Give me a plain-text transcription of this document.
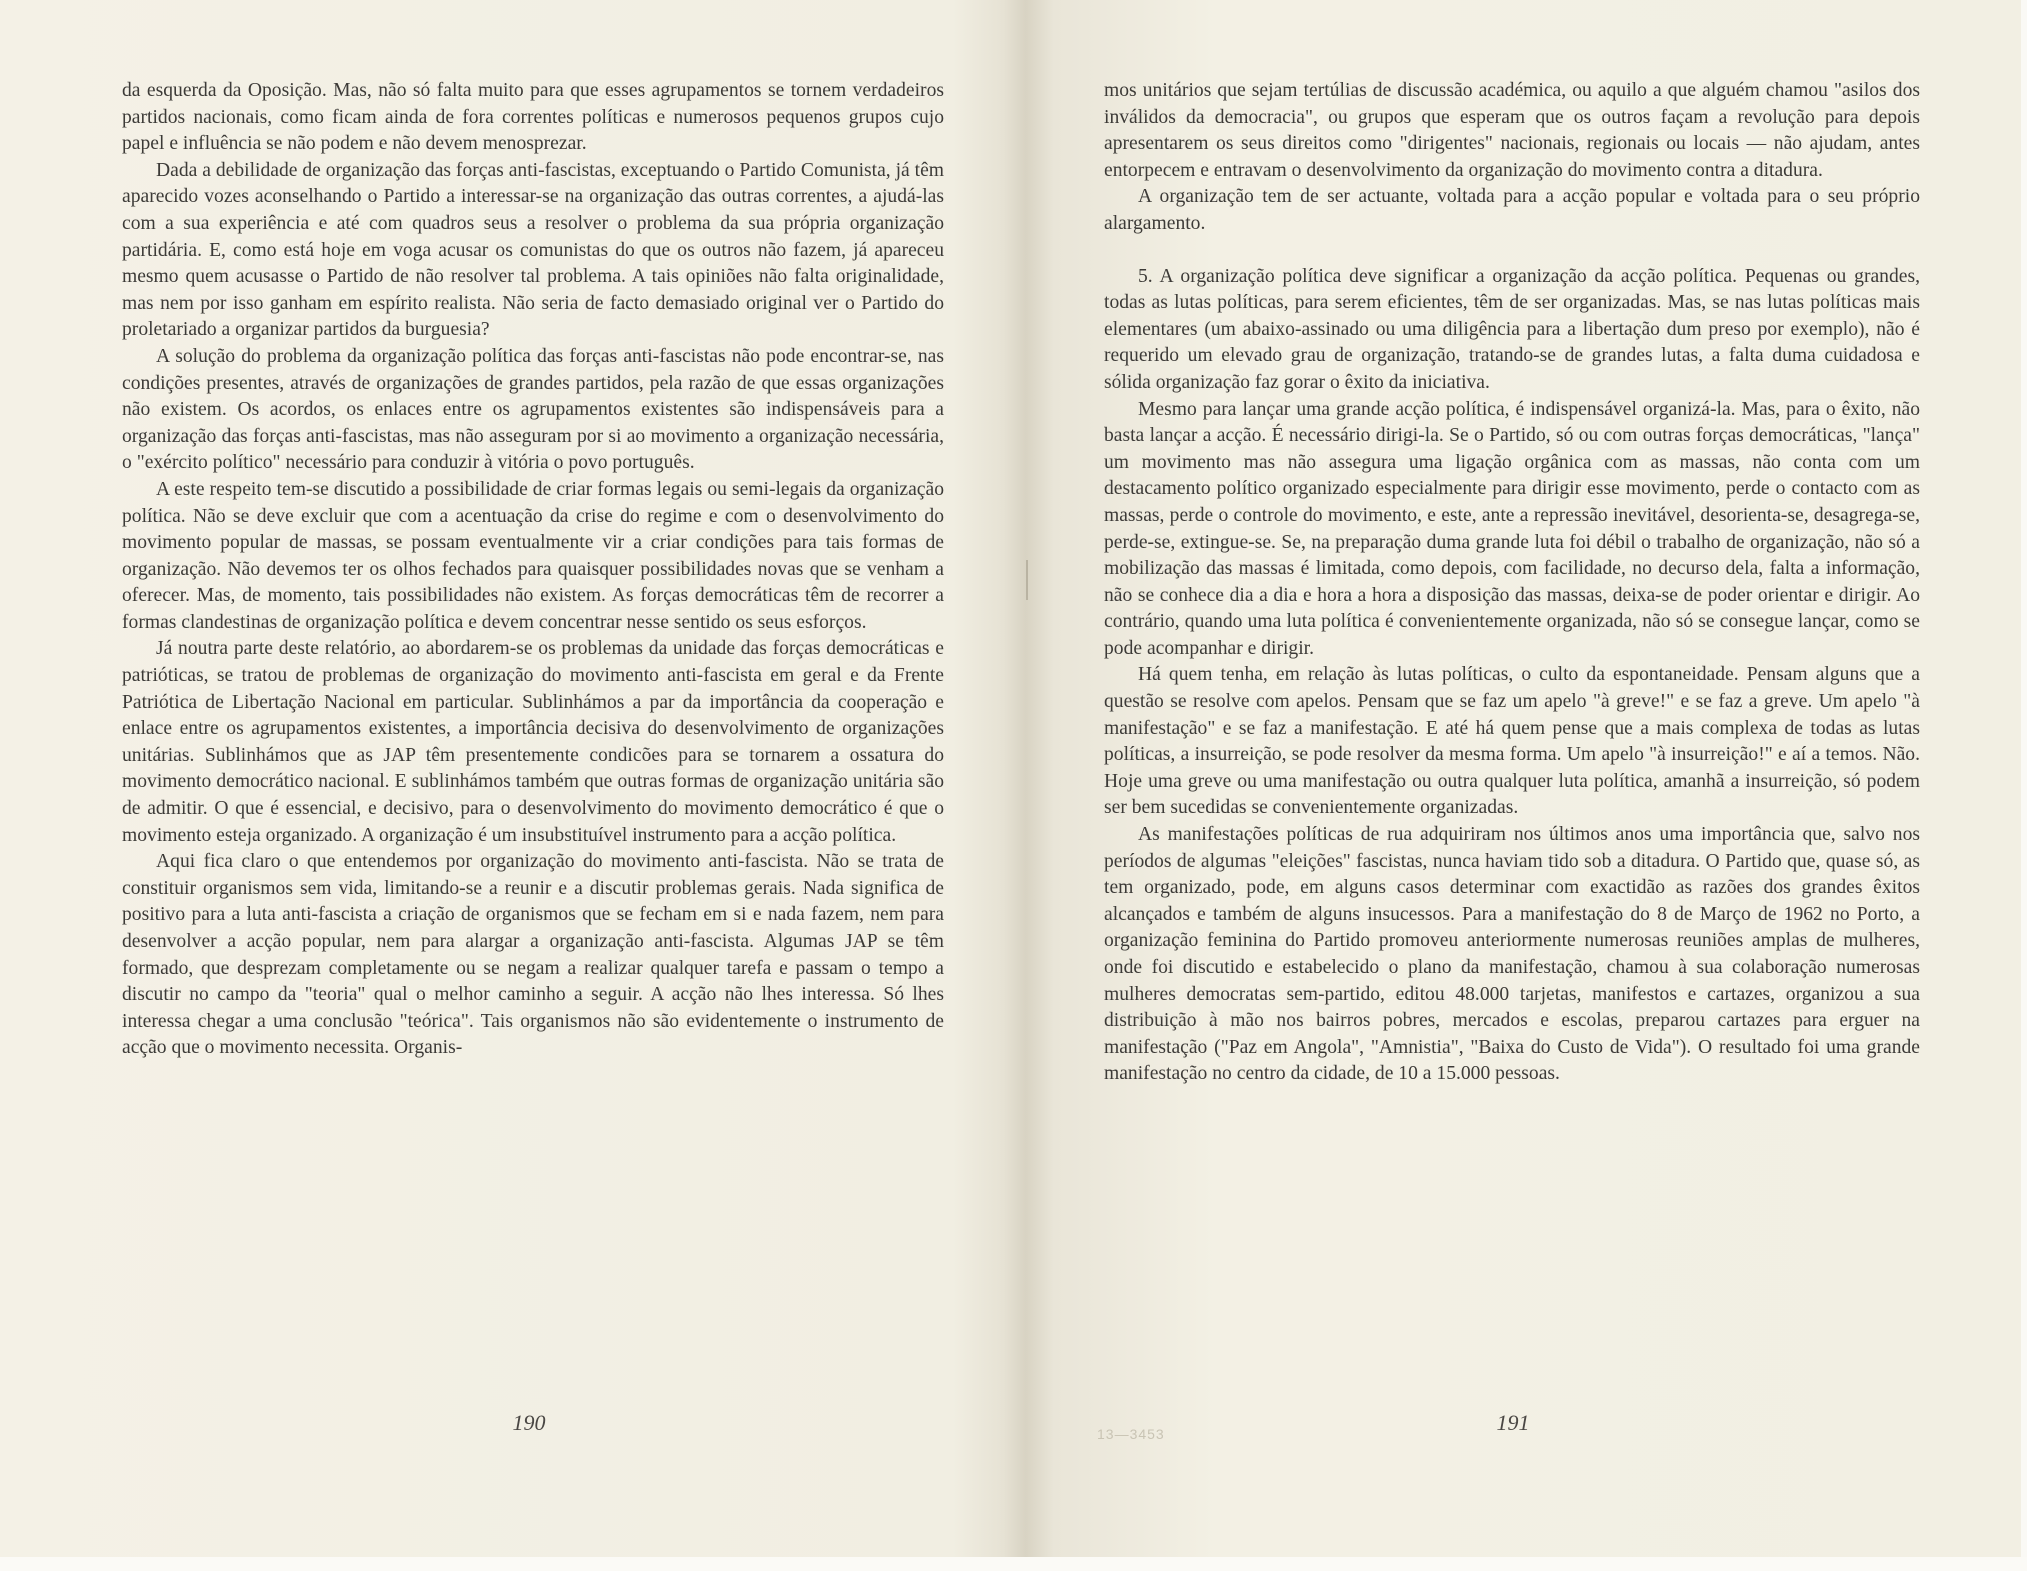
da esquerda da Oposição. Mas, não só falta muito para que esses agrupamentos se tornem verdadeiros partidos nacionais, como ficam ainda de fora correntes políticas e numerosos pequenos grupos cujo papel e influência se não podem e não devem menosprezar.

Dada a debilidade de organização das forças anti-fascistas, exceptuando o Partido Comunista, já têm aparecido vozes aconselhando o Partido a interessar-se na organização das outras correntes, a ajudá-las com a sua experiência e até com quadros seus a resolver o problema da sua própria organização partidária. E, como está hoje em voga acusar os comunistas do que os outros não fazem, já apareceu mesmo quem acusasse o Partido de não resolver tal problema. A tais opiniões não falta originalidade, mas nem por isso ganham em espírito realista. Não seria de facto demasiado original ver o Partido do proletariado a organizar partidos da burguesia?

A solução do problema da organização política das forças anti-fascistas não pode encontrar-se, nas condições presentes, através de organizações de grandes partidos, pela razão de que essas organizações não existem. Os acordos, os enlaces entre os agrupamentos existentes são indispensáveis para a organização das forças anti-fascistas, mas não asseguram por si ao movimento a organização necessária, o "exército político" necessário para conduzir à vitória o povo português.

A este respeito tem-se discutido a possibilidade de criar formas legais ou semi-legais da organização política. Não se deve excluir que com a acentuação da crise do regime e com o desenvolvimento do movimento popular de massas, se possam eventualmente vir a criar condições para tais formas de organização. Não devemos ter os olhos fechados para quaisquer possibilidades novas que se venham a oferecer. Mas, de momento, tais possibilidades não existem. As forças democráticas têm de recorrer a formas clandestinas de organização política e devem concentrar nesse sentido os seus esforços.

Já noutra parte deste relatório, ao abordarem-se os problemas da unidade das forças democráticas e patrióticas, se tratou de problemas de organização do movimento anti-fascista em geral e da Frente Patriótica de Libertação Nacional em particular. Sublinhámos a par da importância da cooperação e enlace entre os agrupamentos existentes, a importância decisiva do desenvolvimento de organizações unitárias. Sublinhámos que as JAP têm presentemente condicões para se tornarem a ossatura do movimento democrático nacional. E sublinhámos também que outras formas de organização unitária são de admitir. O que é essencial, e decisivo, para o desenvolvimento do movimento democrático é que o movimento esteja organizado. A organização é um insubstituível instrumento para a acção política.

Aqui fica claro o que entendemos por organização do movimento anti-fascista. Não se trata de constituir organismos sem vida, limitando-se a reunir e a discutir problemas gerais. Nada significa de positivo para a luta anti-fascista a criação de organismos que se fecham em si e nada fazem, nem para desenvolver a acção popular, nem para alargar a organização anti-fascista. Algumas JAP se têm formado, que desprezam completamente ou se negam a realizar qualquer tarefa e passam o tempo a discutir no campo da "teoria" qual o melhor caminho a seguir. A acção não lhes interessa. Só lhes interessa chegar a uma conclusão "teórica". Tais organismos não são evidentemente o instrumento de acção que o movimento necessita. Organis-

190

mos unitários que sejam tertúlias de discussão académica, ou aquilo a que alguém chamou "asilos dos inválidos da democracia", ou grupos que esperam que os outros façam a revolução para depois apresentarem os seus direitos como "dirigentes" nacionais, regionais ou locais — não ajudam, antes entorpecem e entravam o desenvolvimento da organização do movimento contra a ditadura.

A organização tem de ser actuante, voltada para a acção popular e voltada para o seu próprio alargamento.

5. A organização política deve significar a organização da acção política. Pequenas ou grandes, todas as lutas políticas, para serem eficientes, têm de ser organizadas. Mas, se nas lutas políticas mais elementares (um abaixo-assinado ou uma diligência para a libertação dum preso por exemplo), não é requerido um elevado grau de organização, tratando-se de grandes lutas, a falta duma cuidadosa e sólida organização faz gorar o êxito da iniciativa.

Mesmo para lançar uma grande acção política, é indispensável organizá-la. Mas, para o êxito, não basta lançar a acção. É necessário dirigi-la. Se o Partido, só ou com outras forças democráticas, "lança" um movimento mas não assegura uma ligação orgânica com as massas, não conta com um destacamento político organizado especialmente para dirigir esse movimento, perde o contacto com as massas, perde o controle do movimento, e este, ante a repressão inevitável, desorienta-se, desagrega-se, perde-se, extingue-se. Se, na preparação duma grande luta foi débil o trabalho de organização, não só a mobilização das massas é limitada, como depois, com facilidade, no decurso dela, falta a informação, não se conhece dia a dia e hora a hora a disposição das massas, deixa-se de poder orientar e dirigir. Ao contrário, quando uma luta política é convenientemente organizada, não só se consegue lançar, como se pode acompanhar e dirigir.

Há quem tenha, em relação às lutas políticas, o culto da espontaneidade. Pensam alguns que a questão se resolve com apelos. Pensam que se faz um apelo "à greve!" e se faz a greve. Um apelo "à manifestação" e se faz a manifestação. E até há quem pense que a mais complexa de todas as lutas políticas, a insurreição, se pode resolver da mesma forma. Um apelo "à insurreição!" e aí a temos. Não. Hoje uma greve ou uma manifestação ou outra qualquer luta política, amanhã a insurreição, só podem ser bem sucedidas se convenientemente organizadas.

As manifestações políticas de rua adquiriram nos últimos anos uma importância que, salvo nos períodos de algumas "eleições" fascistas, nunca haviam tido sob a ditadura. O Partido que, quase só, as tem organizado, pode, em alguns casos determinar com exactidão as razões dos grandes êxitos alcançados e também de alguns insucessos. Para a manifestação do 8 de Março de 1962 no Porto, a organização feminina do Partido promoveu anteriormente numerosas reuniões amplas de mulheres, onde foi discutido e estabelecido o plano da manifestação, chamou à sua colaboração numerosas mulheres democratas sem-partido, editou 48.000 tarjetas, manifestos e cartazes, organizou a sua distribuição à mão nos bairros pobres, mercados e escolas, preparou cartazes para erguer na manifestação ("Paz em Angola", "Amnistia", "Baixa do Custo de Vida"). O resultado foi uma grande manifestação no centro da cidade, de 10 a 15.000 pessoas.

191
13—3453
